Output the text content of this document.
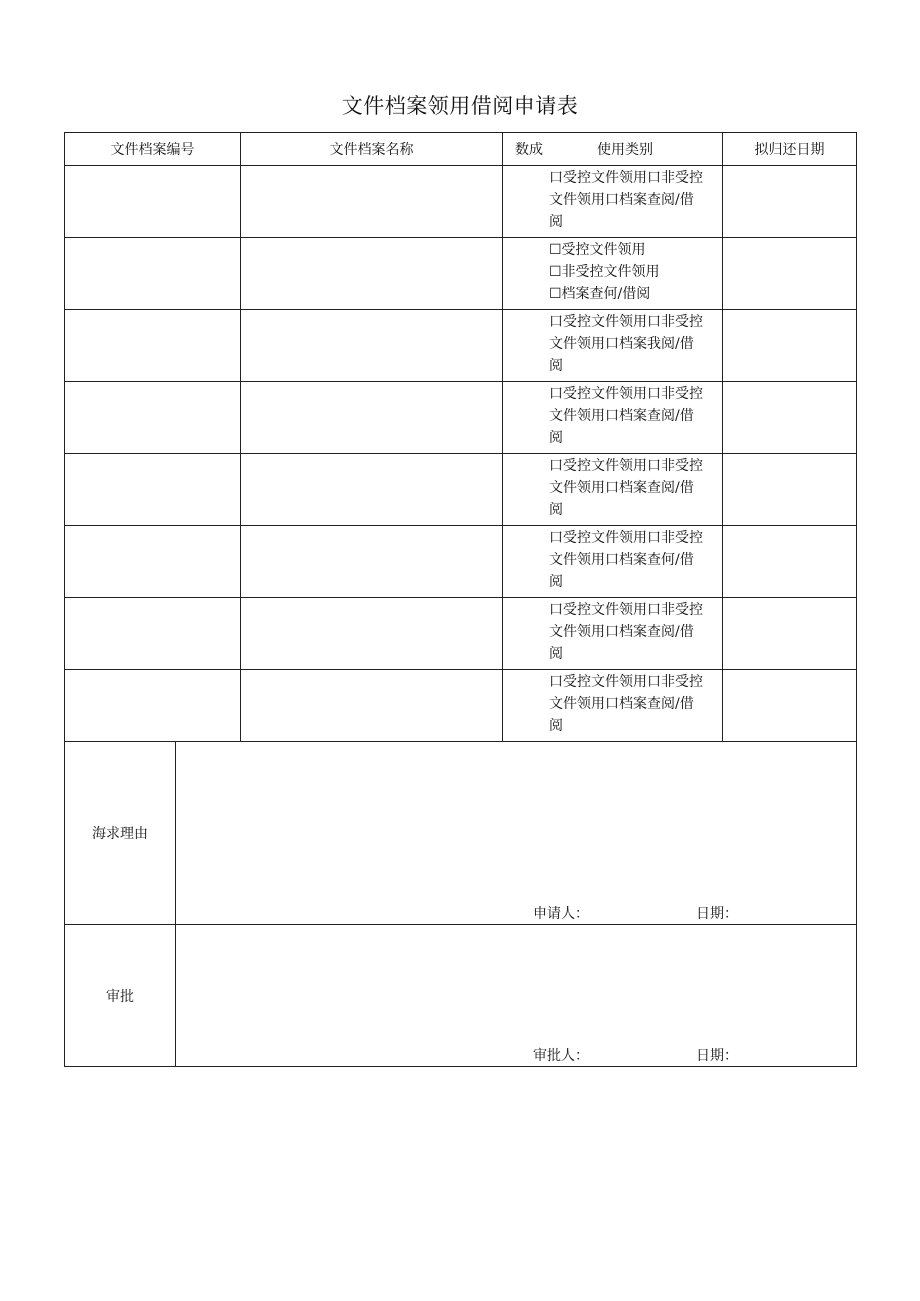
文件档案领用借阅申请表
文件档案编号		文件档案名称	数成 使用类别	拟归还日期

			口受控文件领用口非受控
文件领用口档案查阅/借
阅	

			☐受控文件领用
☐非受控文件领用
☐档案查何/借阅	

			口受控文件领用口非受控
文件领用口档案我阅/借
阅	

			口受控文件领用口非受控
文件领用口档案查阅/借
阅	

			口受控文件领用口非受控
文件领用口档案查阅/借
阅	

			口受控文件领用口非受控
文件领用口档案查何/借
阅	

			口受控文件领用口非受控
文件领用口档案查阅/借
阅	

			口受控文件领用口非受控
文件领用口档案查阅/借
阅	

海求理由	申请人： 日期：			

审批	审批人： 日期：			
